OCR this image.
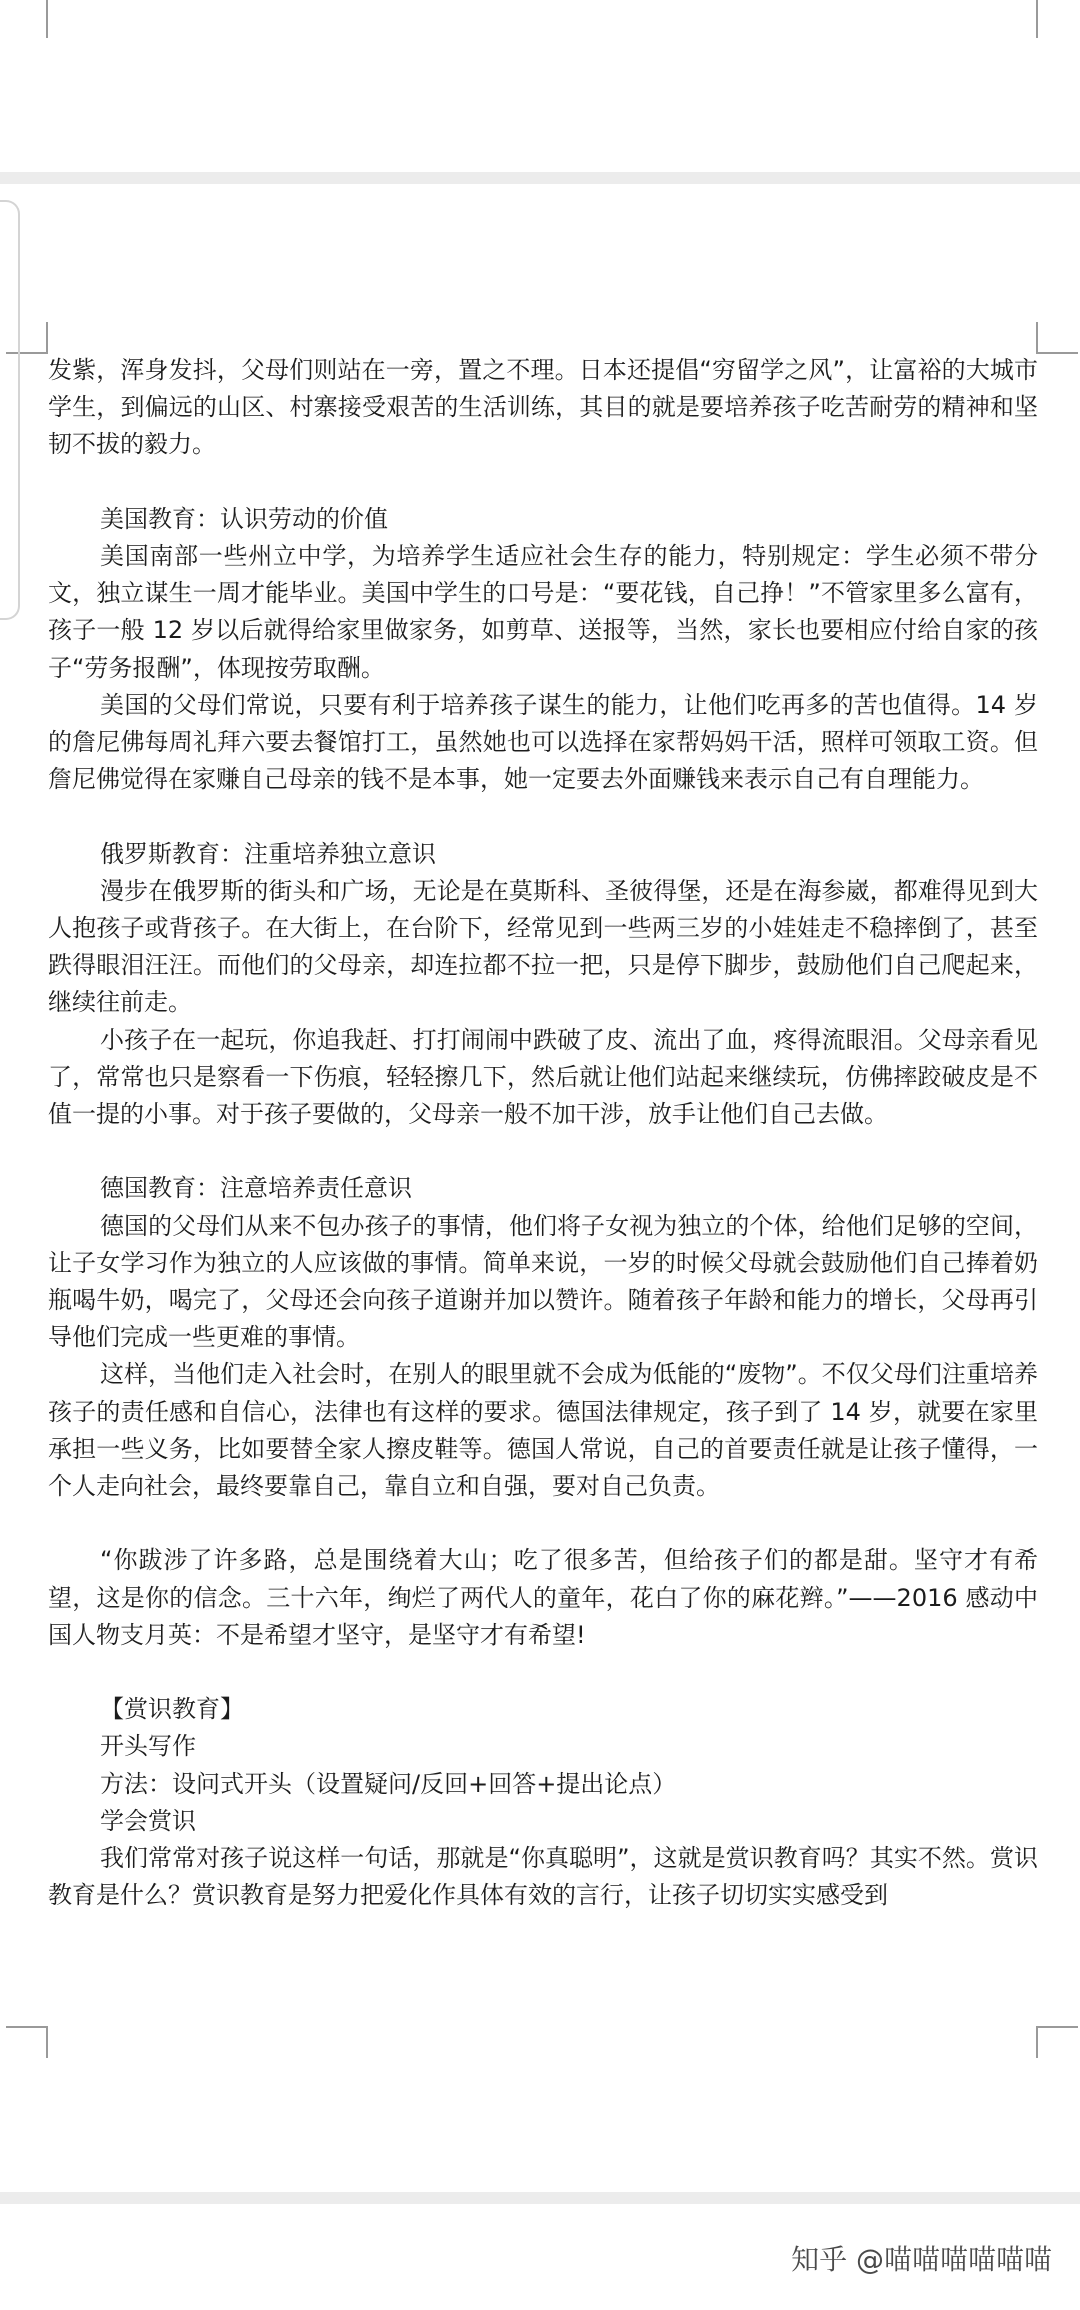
发紫，浑身发抖，父母们则站在一旁，置之不理。日本还提倡“穷留学之风”，让富裕的大城市学生，到偏远的山区、村寨接受艰苦的生活训练，其目的就是要培养孩子吃苦耐劳的精神和坚韧不拔的毅力。

美国教育：认识劳动的价值

美国南部一些州立中学，为培养学生适应社会生存的能力，特别规定：学生必须不带分文，独立谋生一周才能毕业。美国中学生的口号是：“要花钱，自己挣！”不管家里多么富有，孩子一般 12 岁以后就得给家里做家务，如剪草、送报等，当然，家长也要相应付给自家的孩子“劳务报酬”，体现按劳取酬。

美国的父母们常说，只要有利于培养孩子谋生的能力，让他们吃再多的苦也值得。14 岁的詹尼佛每周礼拜六要去餐馆打工，虽然她也可以选择在家帮妈妈干活，照样可领取工资。但詹尼佛觉得在家赚自己母亲的钱不是本事，她一定要去外面赚钱来表示自己有自理能力。

俄罗斯教育：注重培养独立意识

漫步在俄罗斯的街头和广场，无论是在莫斯科、圣彼得堡，还是在海参崴，都难得见到大人抱孩子或背孩子。在大街上，在台阶下，经常见到一些两三岁的小娃娃走不稳摔倒了，甚至跌得眼泪汪汪。而他们的父母亲，却连拉都不拉一把，只是停下脚步，鼓励他们自己爬起来，继续往前走。

小孩子在一起玩，你追我赶、打打闹闹中跌破了皮、流出了血，疼得流眼泪。父母亲看见了，常常也只是察看一下伤痕，轻轻擦几下，然后就让他们站起来继续玩，仿佛摔跤破皮是不值一提的小事。对于孩子要做的，父母亲一般不加干涉，放手让他们自己去做。

德国教育：注意培养责任意识

德国的父母们从来不包办孩子的事情，他们将子女视为独立的个体，给他们足够的空间，让子女学习作为独立的人应该做的事情。简单来说，一岁的时候父母就会鼓励他们自己捧着奶瓶喝牛奶，喝完了，父母还会向孩子道谢并加以赞许。随着孩子年龄和能力的增长，父母再引导他们完成一些更难的事情。

这样，当他们走入社会时，在别人的眼里就不会成为低能的“废物”。不仅父母们注重培养孩子的责任感和自信心，法律也有这样的要求。德国法律规定，孩子到了 14 岁，就要在家里承担一些义务，比如要替全家人擦皮鞋等。德国人常说，自己的首要责任就是让孩子懂得，一个人走向社会，最终要靠自己，靠自立和自强，要对自己负责。

“你跋涉了许多路，总是围绕着大山；吃了很多苦，但给孩子们的都是甜。坚守才有希望，这是你的信念。三十六年，绚烂了两代人的童年，花白了你的麻花辫。”——2016 感动中国人物支月英：不是希望才坚守，是坚守才有希望!

【赏识教育】

开头写作

方法：设问式开头（设置疑问/反回+回答+提出论点）

学会赏识

我们常常对孩子说这样一句话，那就是“你真聪明”，这就是赏识教育吗？其实不然。赏识教育是什么？赏识教育是努力把爱化作具体有效的言行，让孩子切切实实感受到

知乎 @喵喵喵喵喵喵
